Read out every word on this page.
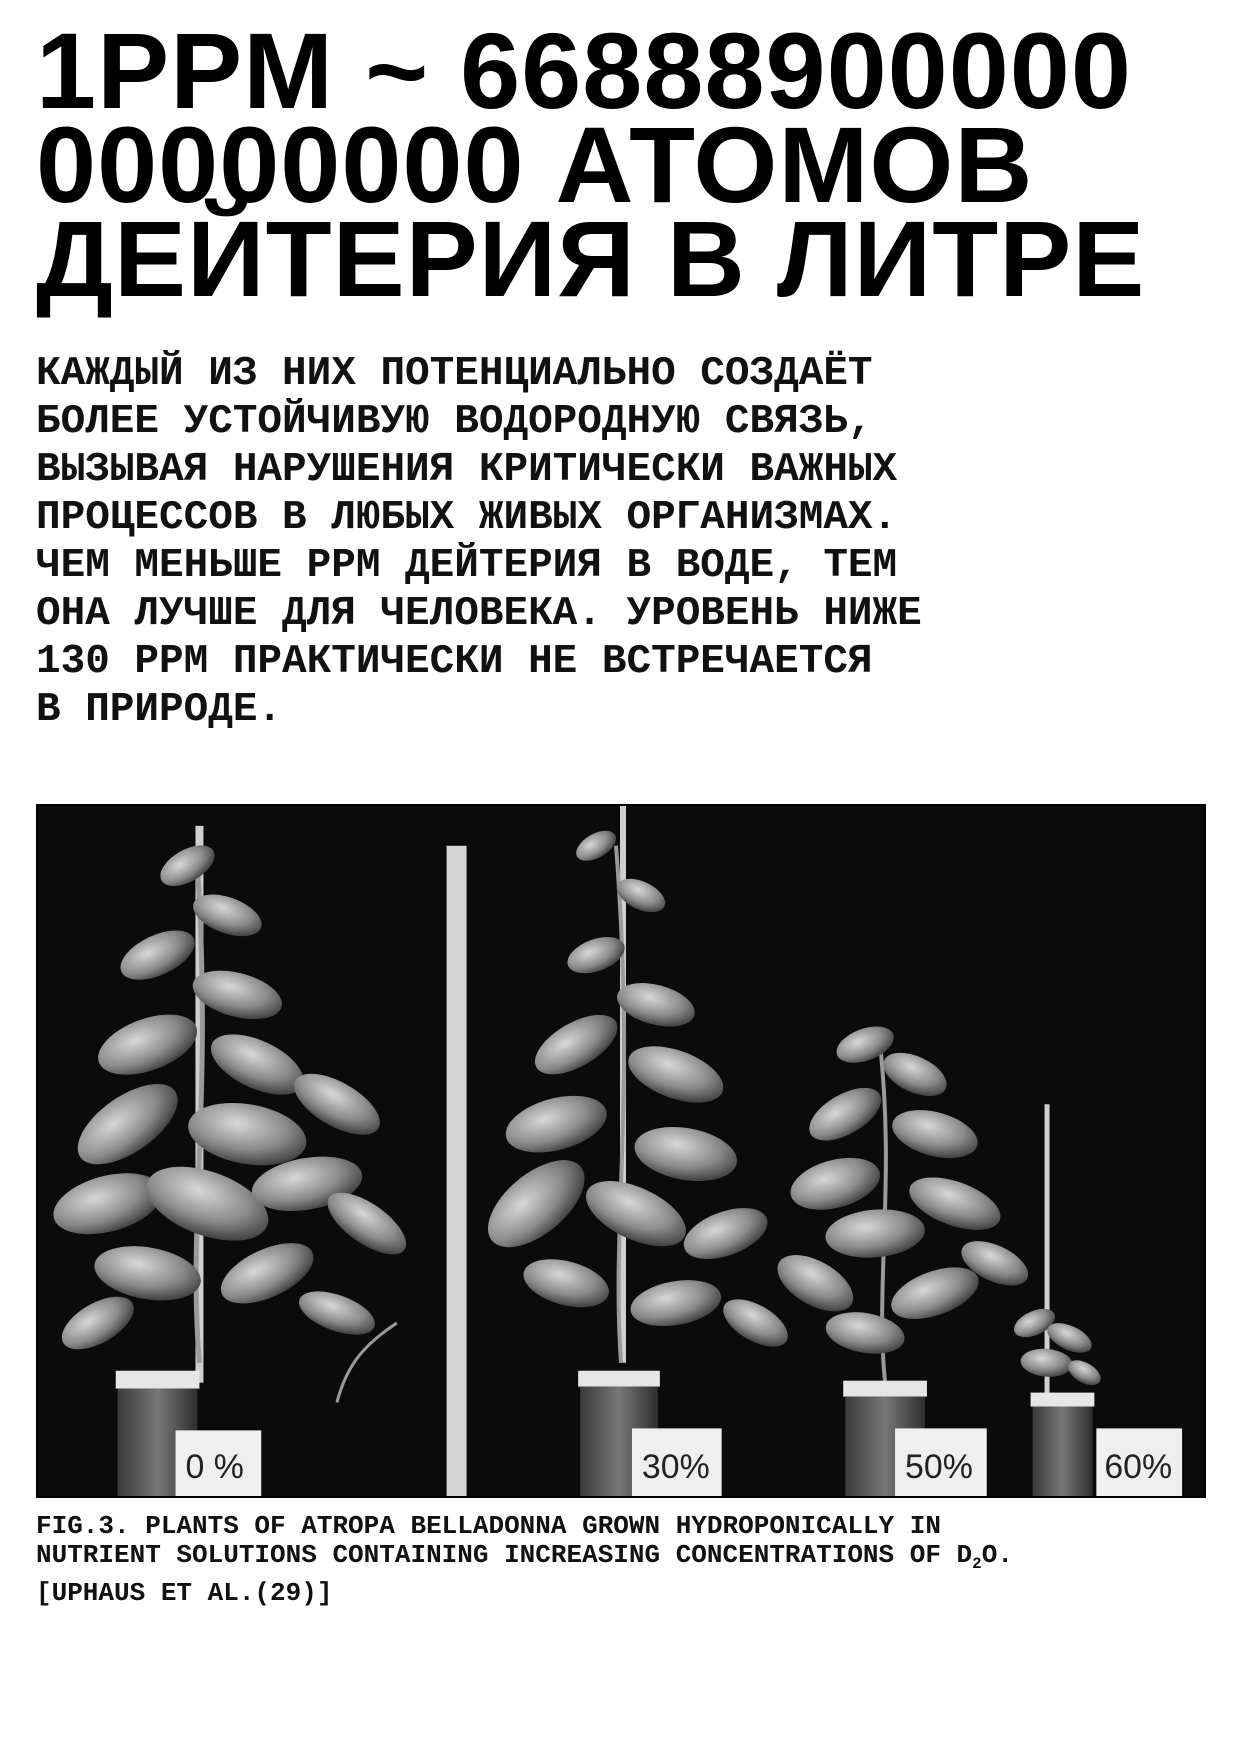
1PPM ~ 66888900000
00000000 АТОМОВ
ДЕЙТЕРИЯ В ЛИТРЕ
КАЖДЫЙ ИЗ НИХ ПОТЕНЦИАЛЬНО СОЗДАЁТ
БОЛЕЕ УСТОЙЧИВУЮ ВОДОРОДНУЮ СВЯЗЬ,
ВЫЗЫВАЯ НАРУШЕНИЯ КРИТИЧЕСКИ ВАЖНЫХ
ПРОЦЕССОВ В ЛЮБЫХ ЖИВЫХ ОРГАНИЗМАХ.
ЧЕМ МЕНЬШЕ PPM ДЕЙТЕРИЯ В ВОДЕ, ТЕМ
ОНА ЛУЧШЕ ДЛЯ ЧЕЛОВЕКА. УРОВЕНЬ НИЖЕ
130 PPM ПРАКТИЧЕСКИ НЕ ВСТРЕЧАЕТСЯ
В ПРИРОДЕ.
0 %	30%	50%	60%
FIG.3. PLANTS OF ATROPA BELLADONNA GROWN HYDROPONICALLY IN
NUTRIENT SOLUTIONS CONTAINING INCREASING CONCENTRATIONS OF $D_2O$.
[UPHAUS ET AL.(29)]
